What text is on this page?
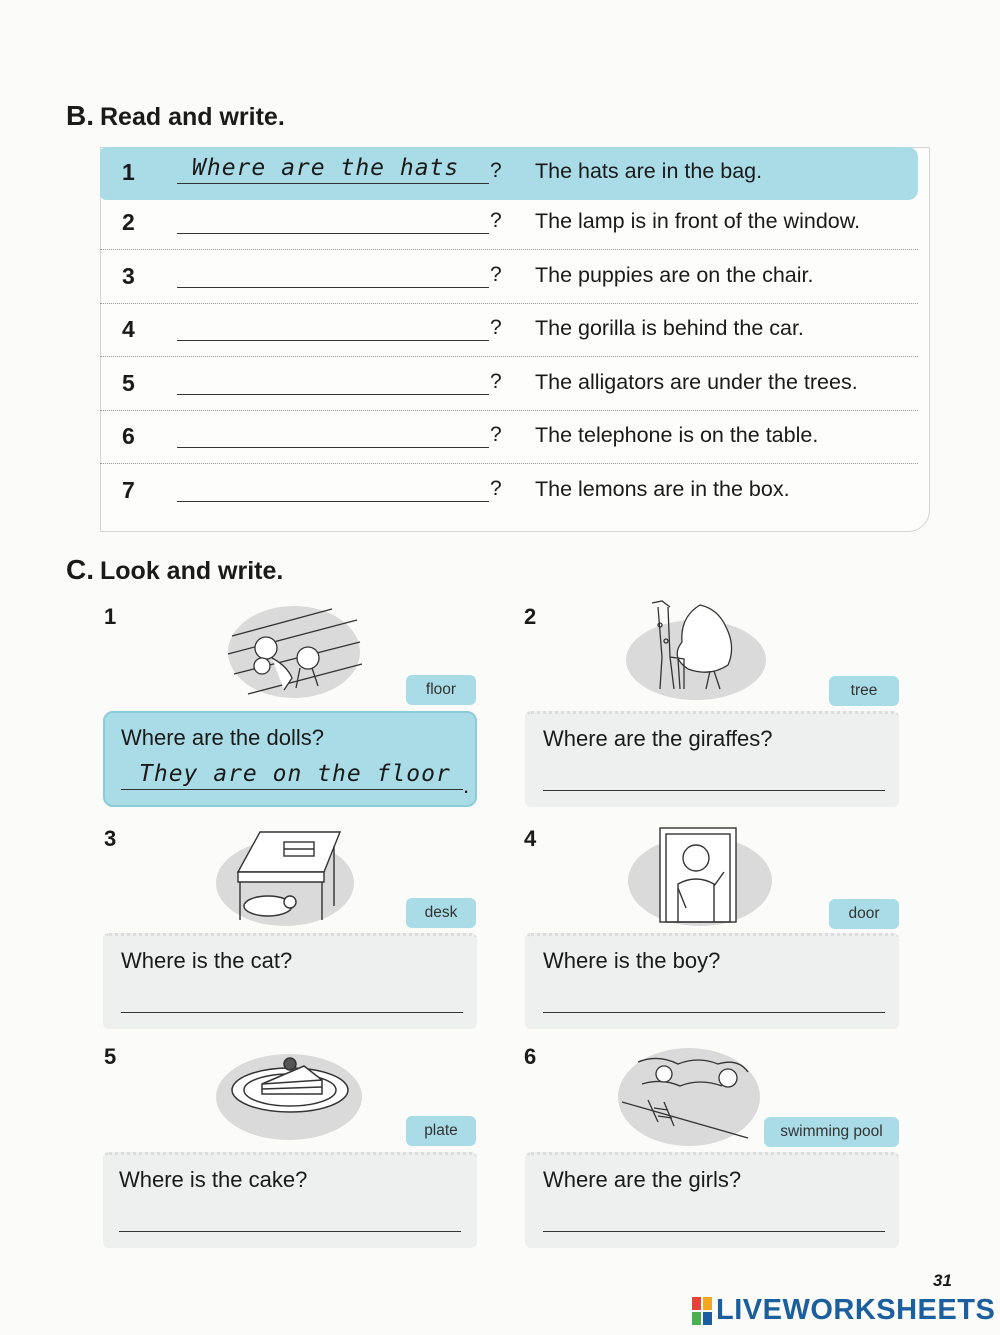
B. Read and write.
1 Where are the hats ? The hats are in the bag.
2	? The lamp is in front of the window.
3	? The puppies are on the chair.
4	? The gorilla is behind the car.
5	? The alligators are under the trees.
6	? The telephone is on the table.
7	? The lemons are in the box.
C. Look and write.
1
floor
Where are the dolls?
They are on the floor .
2
tree
Where are the giraffes?
3
desk
Where is the cat?
4
door
Where is the boy?
5
plate
Where is the cake?
6
swimming pool
Where are the girls?
31
LIVEWORKSHEETS
